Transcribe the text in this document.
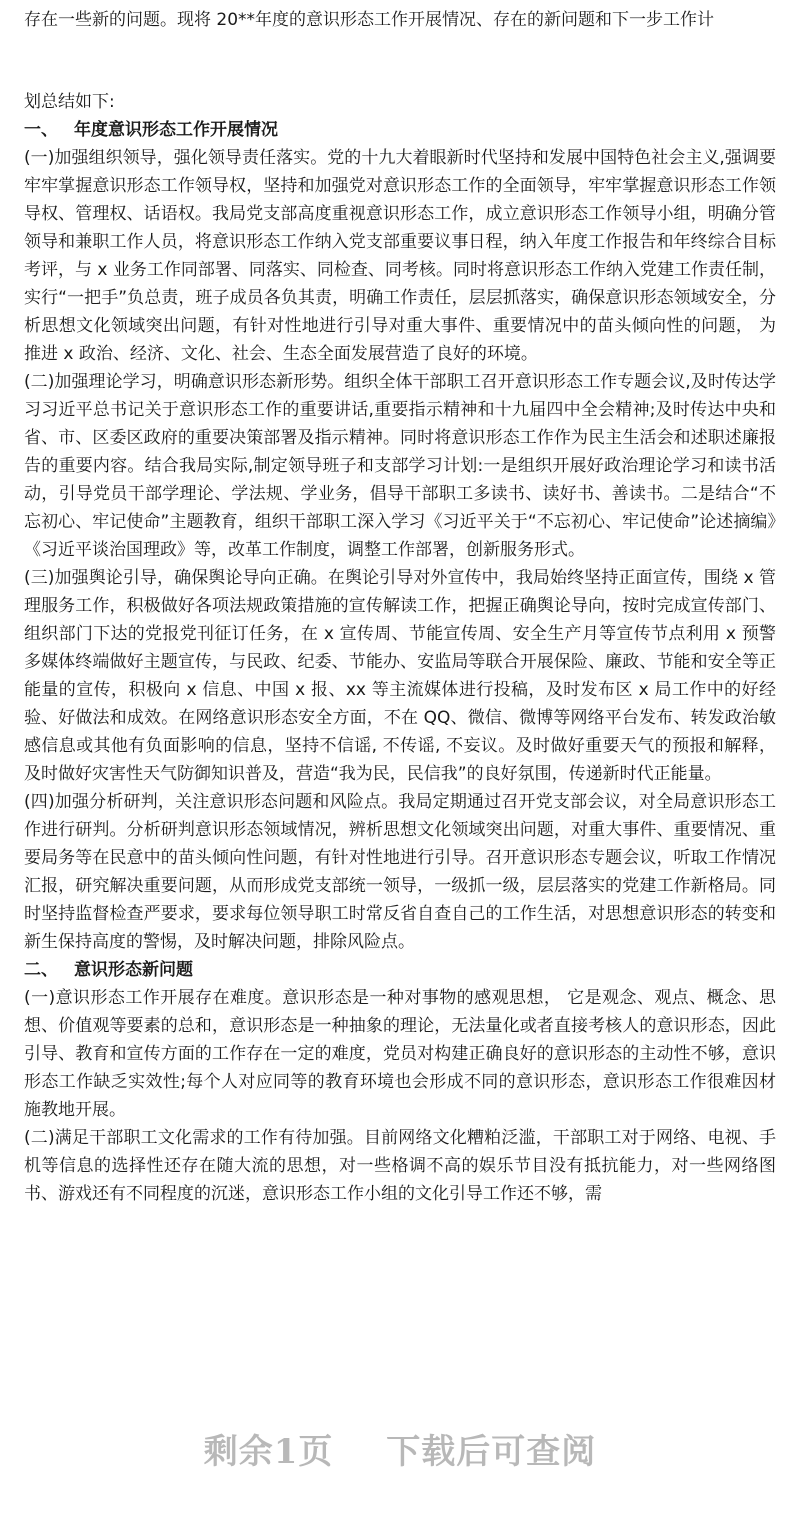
存在一些新的问题。现将 20**年度的意识形态工作开展情况、存在的新问题和下一步工作计

划总结如下:

一、 年度意识形态工作开展情况

(一)加强组织领导，强化领导责任落实。党的十九大着眼新时代坚持和发展中国特色社会主义,强调要牢牢掌握意识形态工作领导权，坚持和加强党对意识形态工作的全面领导，牢牢掌握意识形态工作领导权、管理权、话语权。我局党支部高度重视意识形态工作，成立意识形态工作领导小组，明确分管领导和兼职工作人员，将意识形态工作纳入党支部重要议事日程，纳入年度工作报告和年终综合目标考评，与 x 业务工作同部署、同落实、同检查、同考核。同时将意识形态工作纳入党建工作责任制，实行“一把手”负总责，班子成员各负其责，明确工作责任，层层抓落实，确保意识形态领域安全，分析思想文化领域突出问题，有针对性地进行引导对重大事件、重要情况中的苗头倾向性的问题， 为推进 x 政治、经济、文化、社会、生态全面发展营造了良好的环境。

(二)加强理论学习，明确意识形态新形势。组织全体干部职工召开意识形态工作专题会议,及时传达学习习近平总书记关于意识形态工作的重要讲话,重要指示精神和十九届四中全会精神;及时传达中央和省、市、区委区政府的重要决策部署及指示精神。同时将意识形态工作作为民主生活会和述职述廉报告的重要内容。结合我局实际,制定领导班子和支部学习计划:一是组织开展好政治理论学习和读书活动，引导党员干部学理论、学法规、学业务，倡导干部职工多读书、读好书、善读书。二是结合“不忘初心、牢记使命”主题教育，组织干部职工深入学习《习近平关于“不忘初心、牢记使命”论述摘编》《习近平谈治国理政》等，改革工作制度，调整工作部署，创新服务形式。

(三)加强舆论引导，确保舆论导向正确。在舆论引导对外宣传中，我局始终坚持正面宣传，围绕 x 管理服务工作，积极做好各项法规政策措施的宣传解读工作，把握正确舆论导向，按时完成宣传部门、组织部门下达的党报党刊征订任务，在 x 宣传周、节能宣传周、安全生产月等宣传节点利用 x 预警多媒体终端做好主题宣传，与民政、纪委、节能办、安监局等联合开展保险、廉政、节能和安全等正能量的宣传，积极向 x 信息、中国 x 报、xx 等主流媒体进行投稿，及时发布区 x 局工作中的好经验、好做法和成效。在网络意识形态安全方面，不在 QQ、微信、微博等网络平台发布、转发政治敏感信息或其他有负面影响的信息，坚持不信谣, 不传谣, 不妄议。及时做好重要天气的预报和解释，及时做好灾害性天气防御知识普及，营造“我为民，民信我”的良好氛围，传递新时代正能量。

(四)加强分析研判，关注意识形态问题和风险点。我局定期通过召开党支部会议，对全局意识形态工作进行研判。分析研判意识形态领域情况，辨析思想文化领域突出问题，对重大事件、重要情况、重要局务等在民意中的苗头倾向性问题，有针对性地进行引导。召开意识形态专题会议，听取工作情况汇报，研究解决重要问题，从而形成党支部统一领导，一级抓一级，层层落实的党建工作新格局。同时坚持监督检查严要求，要求每位领导职工时常反省自查自己的工作生活，对思想意识形态的转变和新生保持高度的警惕，及时解决问题，排除风险点。

二、 意识形态新问题

(一)意识形态工作开展存在难度。意识形态是一种对事物的感观思想， 它是观念、观点、概念、思想、价值观等要素的总和，意识形态是一种抽象的理论，无法量化或者直接考核人的意识形态，因此引导、教育和宣传方面的工作存在一定的难度，党员对构建正确良好的意识形态的主动性不够，意识形态工作缺乏实效性;每个人对应同等的教育环境也会形成不同的意识形态，意识形态工作很难因材施教地开展。

(二)满足干部职工文化需求的工作有待加强。目前网络文化糟粕泛滥，干部职工对于网络、电视、手机等信息的选择性还存在随大流的思想，对一些格调不高的娱乐节目没有抵抗能力，对一些网络图书、游戏还有不同程度的沉迷，意识形态工作小组的文化引导工作还不够，需

剩余1页 下载后可查阅
